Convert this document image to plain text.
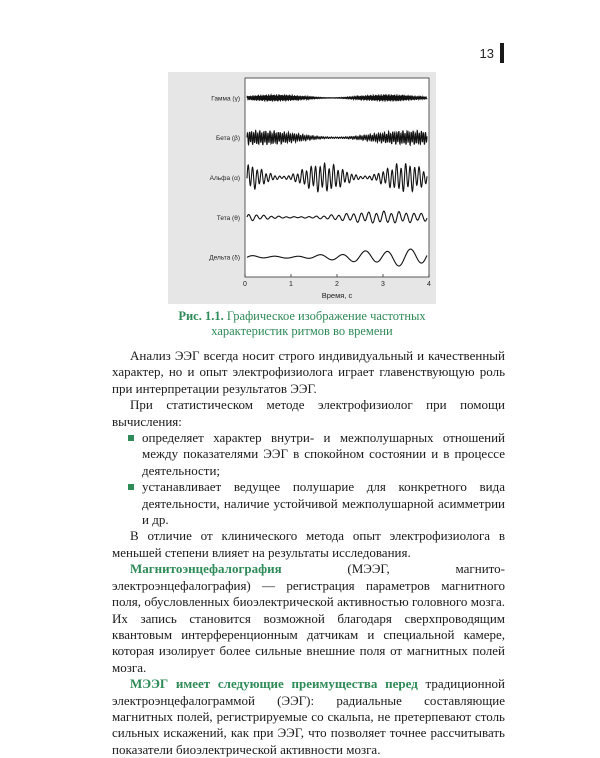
13
Гамма (γ)
Бета (β)
Альфа (α)
Тета (θ)
Дельта (δ)
0	1	2	3	4
Время, с
Рис. 1.1. Графическое изображение частотных характеристик ритмов во времени

Анализ ЭЭГ всегда носит строго индивидуальный и качественный характер, но и опыт электрофизиолога играет главенствующую роль при интерпретации результатов ЭЭГ.

При статистическом методе электрофизиолог при помощи вычисления:

определяет характер внутри- и межполушарных отношений между показателями ЭЭГ в спокойном состоянии и в процессе деятельности;
устанавливает ведущее полушарие для конкретного вида деятельности, наличие устойчивой межполушарной асимметрии и др.

В отличие от клинического метода опыт электрофизиолога в меньшей степени влияет на результаты исследования.

Магнитоэнцефалография (МЭЭГ, магнито-электроэнцефалография) — регистрация параметров магнитного поля, обусловленных биоэлектрической активностью головного мозга. Их запись становится возможной благодаря сверхпроводящим квантовым интерференционным датчикам и специальной камере, которая изолирует более сильные внешние поля от магнитных полей мозга.

МЭЭГ имеет следующие преимущества перед традиционной электроэнцефалограммой (ЭЭГ): радиальные составляющие магнитных полей, регистрируемые со скальпа, не претерпевают столь сильных искажений, как при ЭЭГ, что позволяет точнее рассчитывать показатели биоэлектрической активности мозга.
